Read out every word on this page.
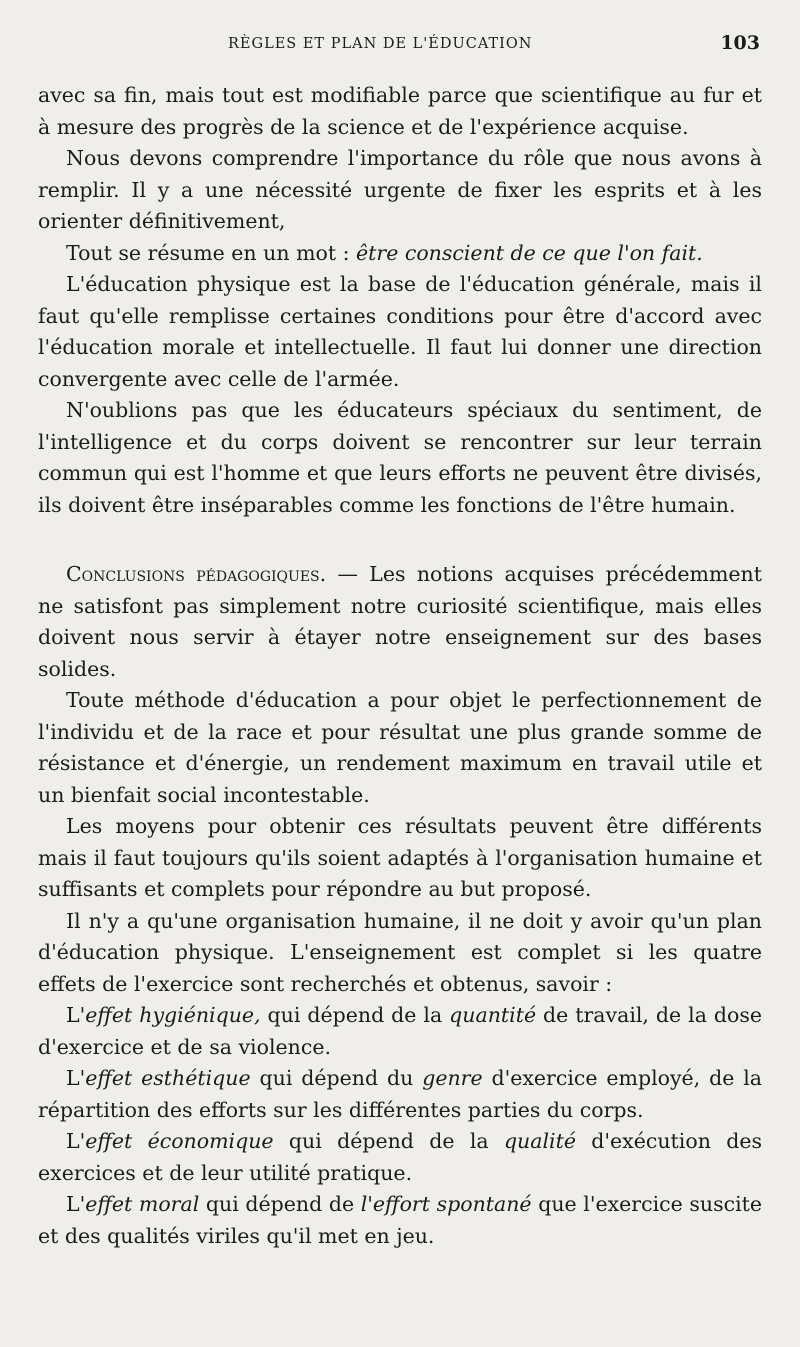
RÈGLES ET PLAN DE L'ÉDUCATION	103

avec sa fin, mais tout est modifiable parce que scientifique au fur et à mesure des progrès de la science et de l'expérience acquise.

Nous devons comprendre l'importance du rôle que nous avons à remplir. Il y a une nécessité urgente de fixer les esprits et à les orienter définitivement,

Tout se résume en un mot : être conscient de ce que l'on fait.

L'éducation physique est la base de l'éducation générale, mais il faut qu'elle remplisse certaines conditions pour être d'accord avec l'éducation morale et intellectuelle. Il faut lui donner une direction convergente avec celle de l'armée.

N'oublions pas que les éducateurs spéciaux du sentiment, de l'intelligence et du corps doivent se rencontrer sur leur terrain commun qui est l'homme et que leurs efforts ne peuvent être divisés, ils doivent être inséparables comme les fonctions de l'être humain.

Conclusions pédagogiques. — Les notions acquises précédemment ne satisfont pas simplement notre curiosité scientifique, mais elles doivent nous servir à étayer notre enseignement sur des bases solides.

Toute méthode d'éducation a pour objet le perfectionnement de l'individu et de la race et pour résultat une plus grande somme de résistance et d'énergie, un rendement maximum en travail utile et un bienfait social incontestable.

Les moyens pour obtenir ces résultats peuvent être différents mais il faut toujours qu'ils soient adaptés à l'organisation humaine et suffisants et complets pour répondre au but proposé.

Il n'y a qu'une organisation humaine, il ne doit y avoir qu'un plan d'éducation physique. L'enseignement est complet si les quatre effets de l'exercice sont recherchés et obtenus, savoir :

L'effet hygiénique, qui dépend de la quantité de travail, de la dose d'exercice et de sa violence.

L'effet esthétique qui dépend du genre d'exercice employé, de la répartition des efforts sur les différentes parties du corps.

L'effet économique qui dépend de la qualité d'exécution des exercices et de leur utilité pratique.

L'effet moral qui dépend de l'effort spontané que l'exercice suscite et des qualités viriles qu'il met en jeu.
